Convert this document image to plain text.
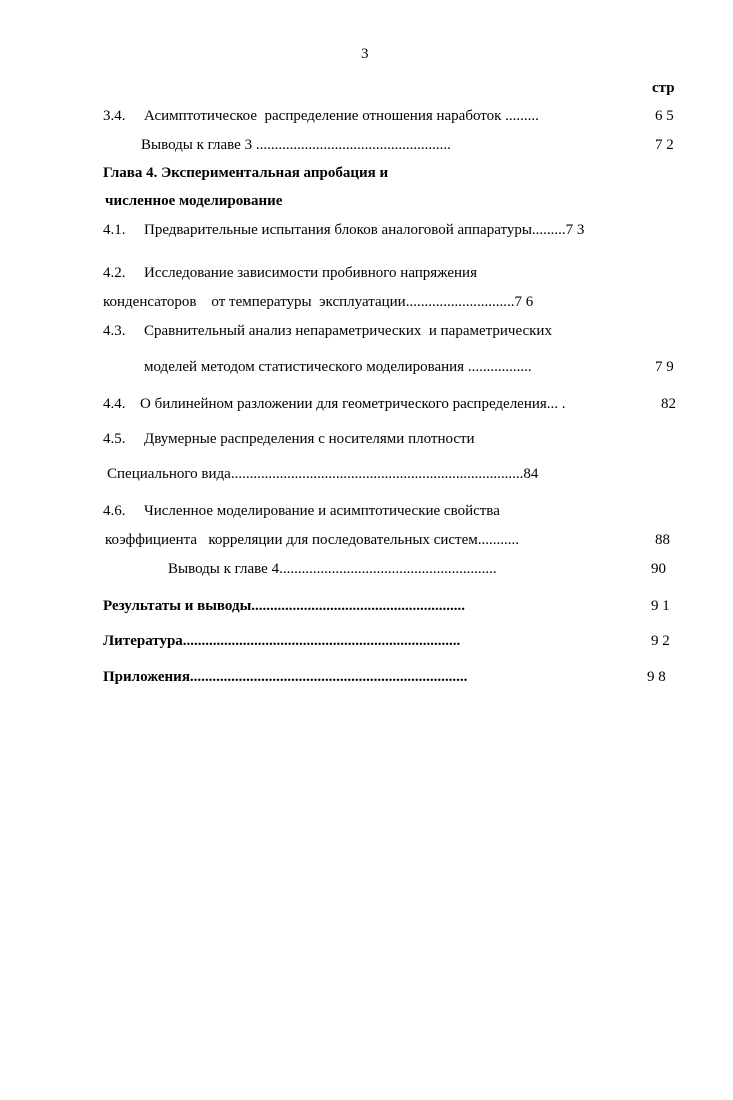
3
стр
3.4. Асимптотическое  распределение отношения наработок .........	6 5
Выводы к главе 3 ....................................................	7 2
Глава 4. Экспериментальная апробация и
численное моделирование
4.1. Предварительные испытания блоков аналоговой аппаратуры.........7 3
4.2. Исследование зависимости пробивного напряжения
конденсаторов    от температуры  эксплуатации.............................7 6
4.3. Сравнительный анализ непараметрических  и параметрических
моделей методом статистического моделирования .................	7 9
4.4. О билинейном разложении для геометрического распределения... .	82
4.5. Двумерные распределения с носителями плотности
Специального вида..............................................................................84
4.6. Численное моделирование и асимптотические свойства
коэффициента   корреляции для последовательных систем...........	88
Выводы к главе 4..........................................................	90
Результаты и выводы.........................................................	9 1
Литература..........................................................................	9 2
Приложения..........................................................................	9 8
